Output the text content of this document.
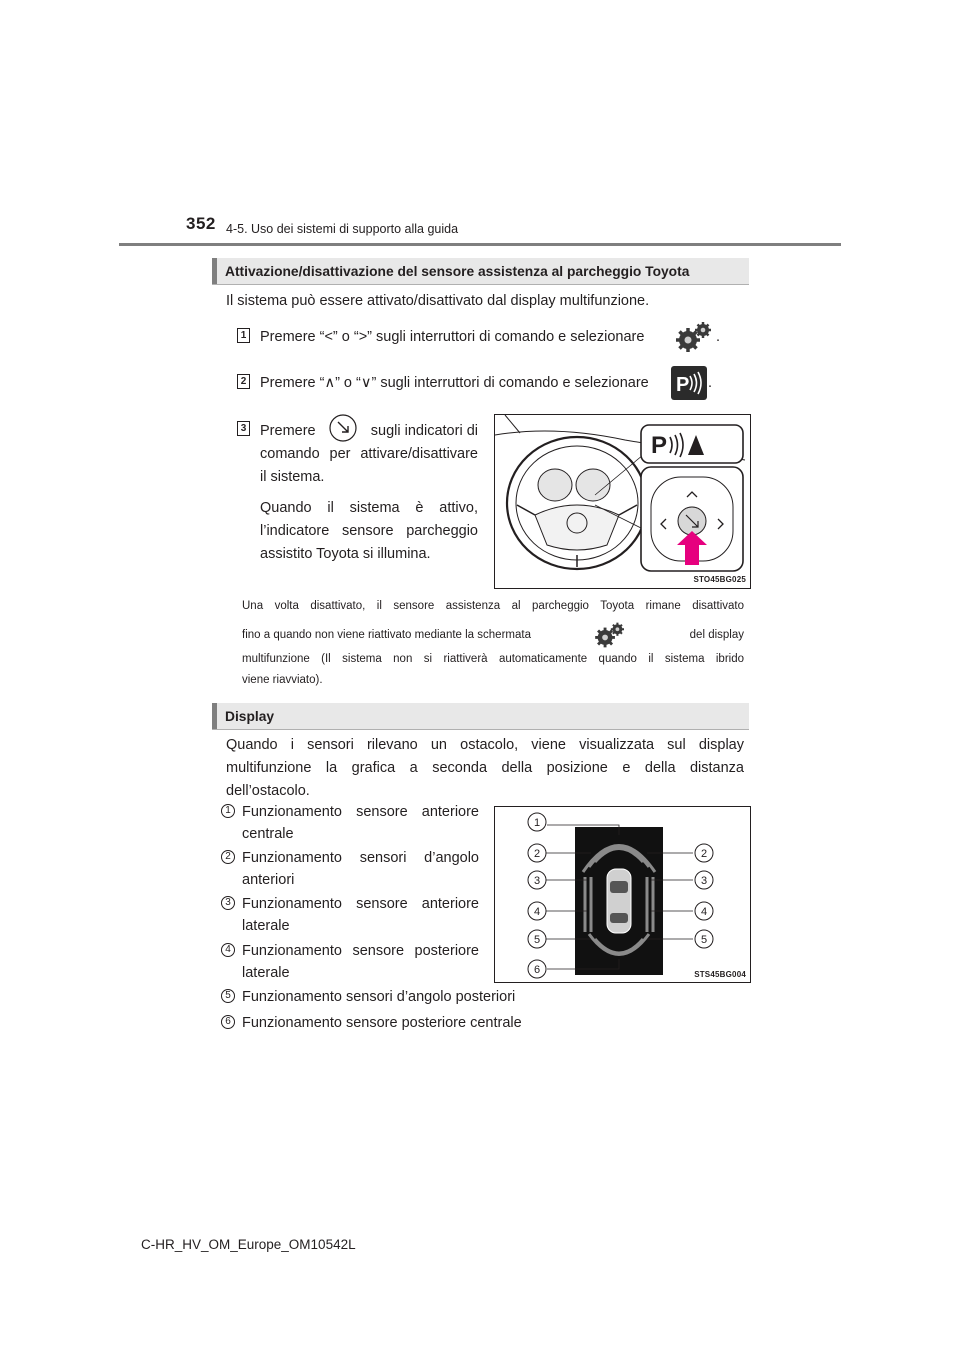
352 4-5. Uso dei sistemi di supporto alla guida
Attivazione/disattivazione del sensore assistenza al parcheggio Toyota
Il sistema può essere attivato/disattivato dal display multifunzione.
1 Premere “<” o “>” sugli interruttori di comando e selezionare	.
2 Premere “∧” o “∨” sugli interruttori di comando e selezionare P .
3 Premere	sugli indicatori di
comando per attivare/disattivare
il sistema.
Quando il sistema è attivo,
l’indicatore sensore parcheggio
assistito Toyota si illumina.
P
STO45BG025
Una volta disattivato, il sensore assistenza al parcheggio Toyota rimane disattivato
fino a quando non viene riattivato mediante la schermata	del display
multifunzione (Il sistema non si riattiverà automaticamente quando il sistema ibrido
viene riavviato).
Display
Quando i sensori rilevano un ostacolo, viene visualizzata sul display
multifunzione la grafica a seconda della posizione e della distanza
dell’ostacolo.
1 Funzionamento sensore anteriore
centrale
2 Funzionamento sensori d’angolo
anteriori
3 Funzionamento sensore anteriore
laterale
4 Funzionamento sensore posteriore
laterale
5 Funzionamento sensori d’angolo posteriori
6 Funzionamento sensore posteriore centrale
1
2	2
3	3
4	4
5	5
6	STS45BG004
C-HR_HV_OM_Europe_OM10542L
